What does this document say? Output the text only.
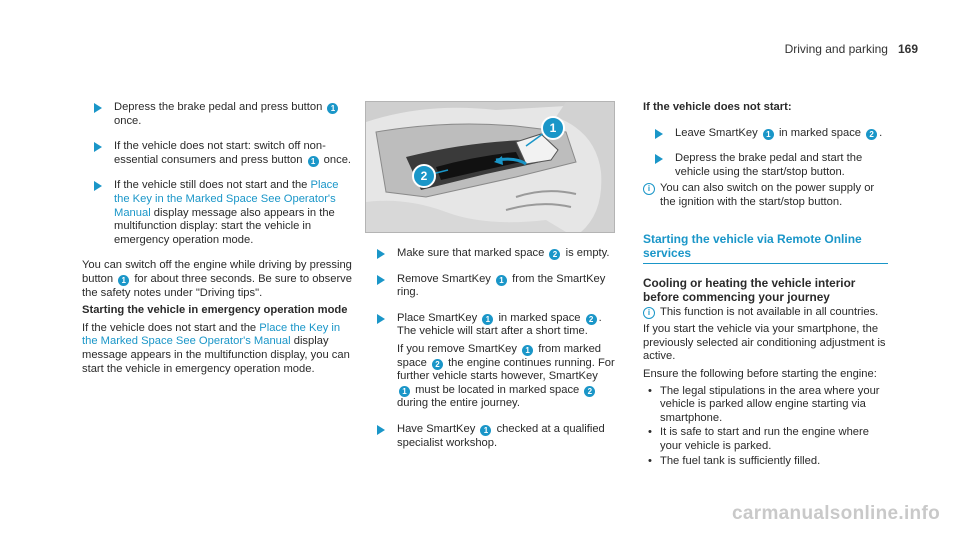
Driving and parking 169
Depress the brake pedal and press button 1 once.
If the vehicle does not start: switch off non-essential consumers and press button 1 once.
If the vehicle still does not start and the Place the Key in the Marked Space See Operator's Manual display message also appears in the multifunction display: start the vehicle in emergency operation mode.

You can switch off the engine while driving by pressing button 1 for about three seconds. Be sure to observe the safety notes under "Driving tips".

Starting the vehicle in emergency operation mode

If the vehicle does not start and the Place the Key in the Marked Space See Operator's Manual display message appears in the multifunction display, you can start the vehicle in emergency operation mode.

1
2
Make sure that marked space 2 is empty.
Remove SmartKey 1 from the SmartKey ring.

Place SmartKey 1 in marked space 2 .
The vehicle will start after a short time.

If you remove SmartKey 1 from marked space 2 the engine continues running. For further vehicle starts however, SmartKey 1 must be located in marked space 2 during the entire journey.

Have SmartKey 1 checked at a qualified specialist workshop.

If the vehicle does not start:

Leave SmartKey 1 in marked space 2 .
Depress the brake pedal and start the vehicle using the start/stop button.

i You can also switch on the power supply or the ignition with the start/stop button.

Starting the vehicle via Remote Online services

Cooling or heating the vehicle interior before commencing your journey

i This function is not available in all countries.

If you start the vehicle via your smartphone, the previously selected air conditioning adjustment is active.

Ensure the following before starting the engine:

• The legal stipulations in the area where your vehicle is parked allow engine starting via smartphone.
• It is safe to start and run the engine where your vehicle is parked.
• The fuel tank is sufficiently filled.
carmanualsonline.info
